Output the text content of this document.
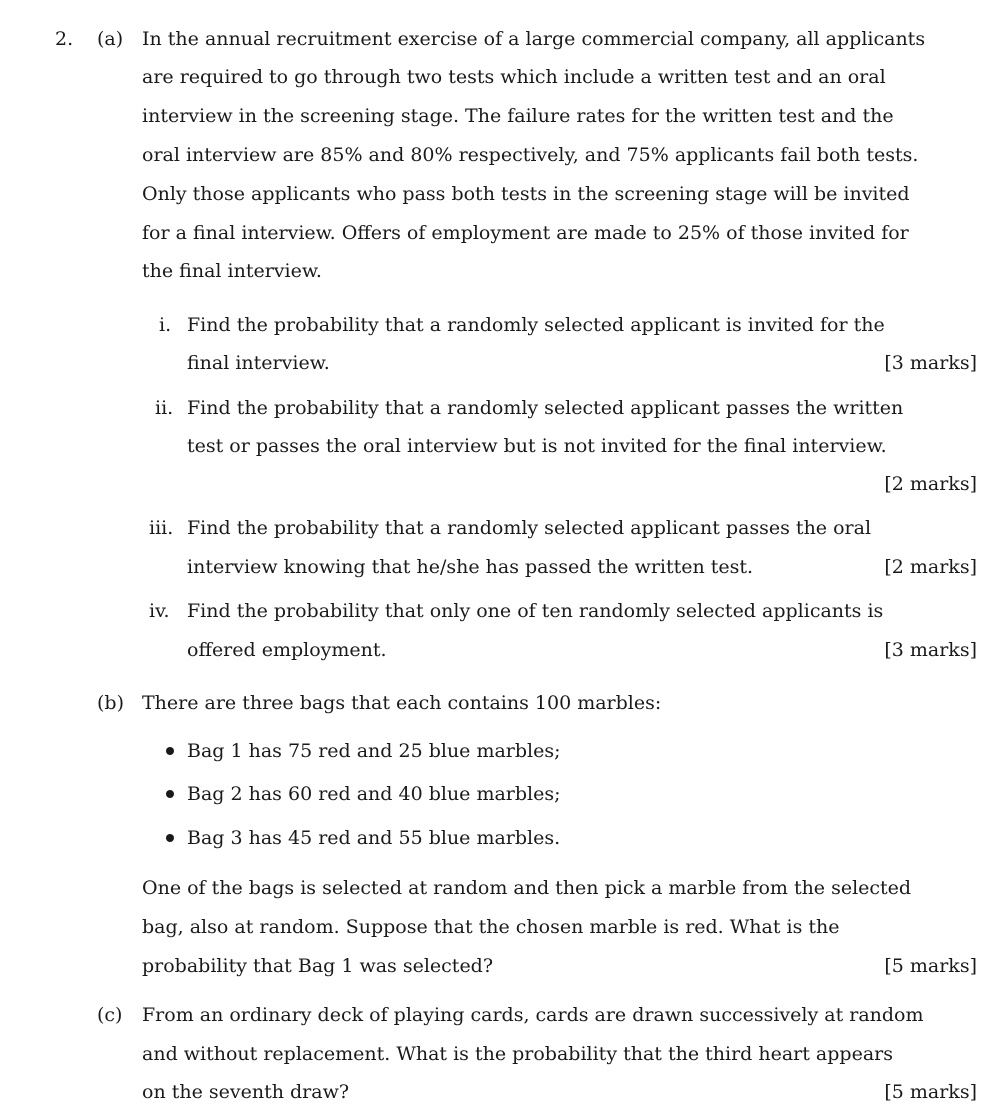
2. (a) In the annual recruitment exercise of a large commercial company, all applicants
are required to go through two tests which include a written test and an oral
interview in the screening stage. The failure rates for the written test and the
oral interview are 85% and 80% respectively, and 75% applicants fail both tests.
Only those applicants who pass both tests in the screening stage will be invited
for a final interview. Offers of employment are made to 25% of those invited for
the final interview.
i. Find the probability that a randomly selected applicant is invited for the
final interview.	[3 marks]
ii. Find the probability that a randomly selected applicant passes the written
test or passes the oral interview but is not invited for the final interview.
[2 marks]
iii. Find the probability that a randomly selected applicant passes the oral
interview knowing that he/she has passed the written test.	[2 marks]
iv. Find the probability that only one of ten randomly selected applicants is
offered employment.	[3 marks]
(b) There are three bags that each contains 100 marbles:
Bag 1 has 75 red and 25 blue marbles;
Bag 2 has 60 red and 40 blue marbles;
Bag 3 has 45 red and 55 blue marbles.
One of the bags is selected at random and then pick a marble from the selected
bag, also at random. Suppose that the chosen marble is red. What is the
probability that Bag 1 was selected?	[5 marks]
(c) From an ordinary deck of playing cards, cards are drawn successively at random
and without replacement. What is the probability that the third heart appears
on the seventh draw?	[5 marks]
